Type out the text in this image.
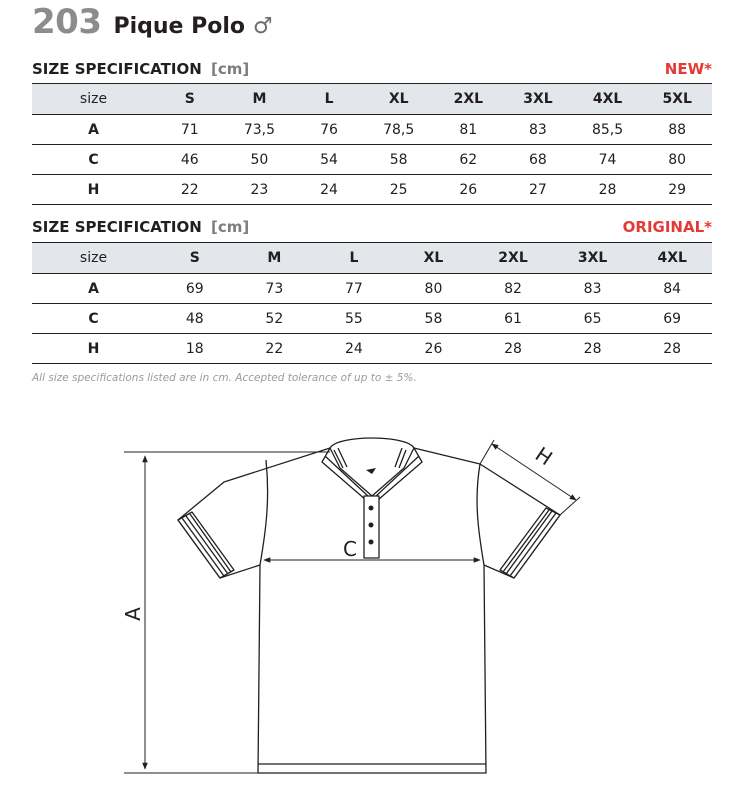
203 Pique Polo ♂
SIZE SPECIFICATION [cm]	NEW*
size	S	M	L	XL	2XL	3XL	4XL	5XL
A	71	73,5	76	78,5	81	83	85,5	88
C	46	50	54	58	62	68	74	80
H	22	23	24	25	26	27	28	29
SIZE SPECIFICATION [cm]	ORIGINAL*
size	S	M	L	XL	2XL	3XL	4XL
A	69	73	77	80	82	83	84
C	48	52	55	58	61	65	69
H	18	22	24	26	28	28	28
All size specifications listed are in cm. Accepted tolerance of up to ± 5%.
A
C
H
